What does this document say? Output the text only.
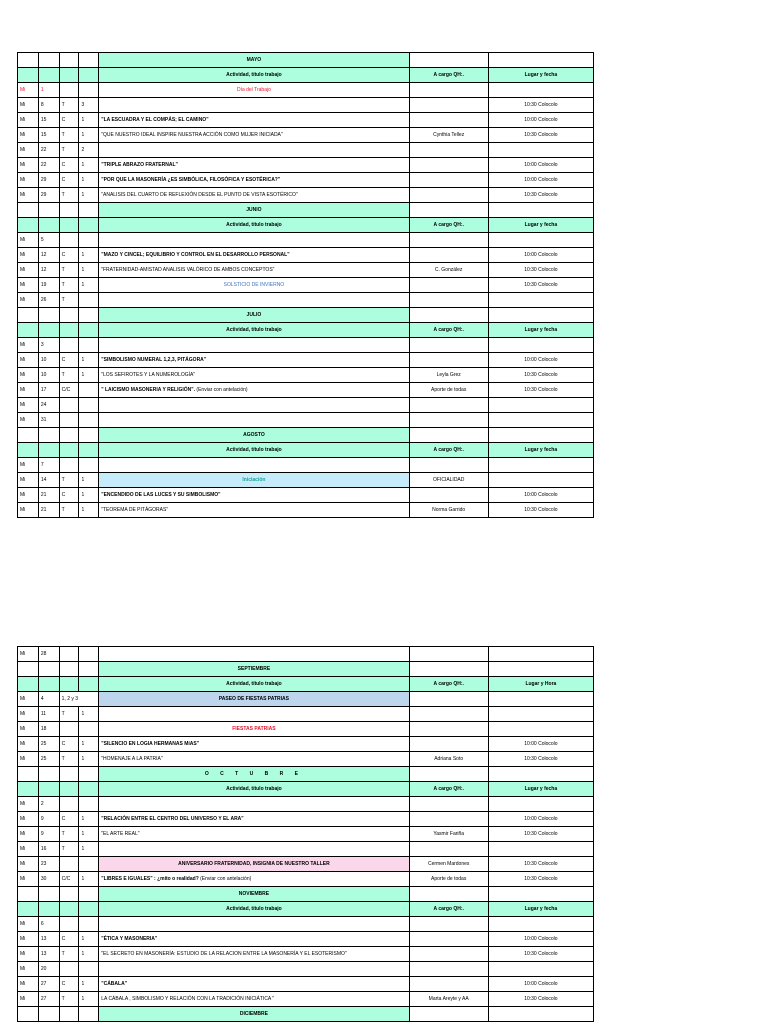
				MAYO		
				Actividad, título trabajo	A cargo QH:.	Lugar y fecha
Mi	1			Día del Trabajo		
Mi	8	T	3			10:30 Colocolo
Mi	15	C	1	"LA ESCUADRA Y EL COMPÁS; EL CAMINO"		10:00 Colocolo
Mi	15	T	1	"QUE NUESTRO IDEAL INSPIRE NUESTRA ACCIÓN COMO MUJER INICIADA"	Cynthia Tellez	10:30 Colocolo
Mi	22	T	2			
Mi	22	C	1	"TRIPLE ABRAZO FRATERNAL"		10:00 Colocolo
Mi	29	C	1	"POR QUE LA MASONERÍA ¿ES SIMBÓLICA, FILOSÓFICA Y ESOTÉRICA?"		10:00 Colocolo
Mi	29	T	1	"ANALISIS DEL CUARTO DE REFLEXIÓN DESDE EL PUNTO DE VISTA ESOTÉRICO"		10:30 Colocolo
				JUNIO		
				Actividad, título trabajo	A cargo QH:.	Lugar y fecha
Mi	5					
Mi	12	C	1	"MAZO Y CINCEL; EQUILIBRIO Y CONTROL EN EL DESARROLLO PERSONAL"		10:00 Colocolo
Mi	12	T	1	"FRATERNIDAD-AMISTAD ANALISIS VALÓRICO DE AMBOS CONCEPTOS"	C. González	10:30 Colocolo
Mi	19	T	1	SOLSTICIO DE INVIERNO		10:30 Colocolo
Mi	26	T				
				JULIO		
				Actividad, título trabajo	A cargo QH:.	Lugar y fecha
Mi	3					
Mi	10	C	1	"SIMBOLISMO NUMERAL 1,2,3, PITÁGORA"		10:00 Colocolo
Mi	10	T	1	"LOS SEFIROTES Y LA NUMEROLOGÍA"	Leyla Grez	10:30 Colocolo
Mi	17	C/C		" LAICISMO MASONERIA Y RELIGIÓN". (Enviar con antelación)	Aporte de todas	10:30 Colocolo
Mi	24					
Mi	31					
				AGOSTO		
				Actividad, título trabajo	A cargo QH:.	Lugar y fecha
Mi	7					
Mi	14	T	1	Iniciación	OFICIALIDAD	
Mi	21	C	1	"ENCENDIDO DE LAS LUCES Y SU SIMBOLISMO"		10:00 Colocolo
Mi	21	T	1	"TEOREMA DE PITÁGORAS"	Norma Garrido	10:30 Colocolo
Mi	28					
				SEPTIEMBRE		
				Actividad, título trabajo	A cargo QH:.	Lugar y Hora
Mi	4	1, 2 y 3		PASEO DE FIESTAS PATRIAS		
Mi	11	T	1			
Mi	18			FIESTAS PATRIAS		
Mi	25	C	1	"SILENCIO EN LOGIA HERMANAS MíAS"		10:00 Colocolo
Mi	25	T	1	"HOMENAJE A LA PATRIA"	Adriana Soto	10:30 Colocolo
				O C T U B R E		
				Actividad, título trabajo	A cargo QH:.	Lugar y fecha
Mi	2					
Mi	9	C	1	"RELACIÓN ENTRE EL CENTRO DEL UNIVERSO Y EL ARA"		10:00 Colocolo
Mi	9	T	1	"EL ARTE REAL"	Yasmir Fariña	10:30 Colocolo
Mi	16	T	1			
Mi	23			ANIVERSARIO FRATERNIDAD, INSIGNIA DE NUESTRO TALLER	Cermen Mardones	10:30 Colocolo
Mi	30	C/C	1	"LIBRES E IGUALES" : ¿mito o realidad? (Enviar con antelación)	Aporte de todas	10:30 Colocolo
				NOVIEMBRE		
				Actividad, título trabajo	A cargo QH:.	Lugar y fecha
Mi	6					
Mi	13	C	1	"ÉTICA Y MASONERIA"		10:00 Colocolo
Mi	13	T	1	"EL SECRETO EN MASONERÍA: ESTUDIO DE LA RELACION ENTRE LA MASONERÍA Y EL ESOTERISMO"		10:30 Colocolo
Mi	20					
Mi	27	C	1	"CÁBALA"		10:00 Colocolo
Mi	27	T	1	LA CÁBALA , SIMBOLISMO Y RELACIÓN CON LA TRADICIÓN INICIÁTICA "	Marta Areyte y AA	10:30 Colocolo
				DICIEMBRE		
